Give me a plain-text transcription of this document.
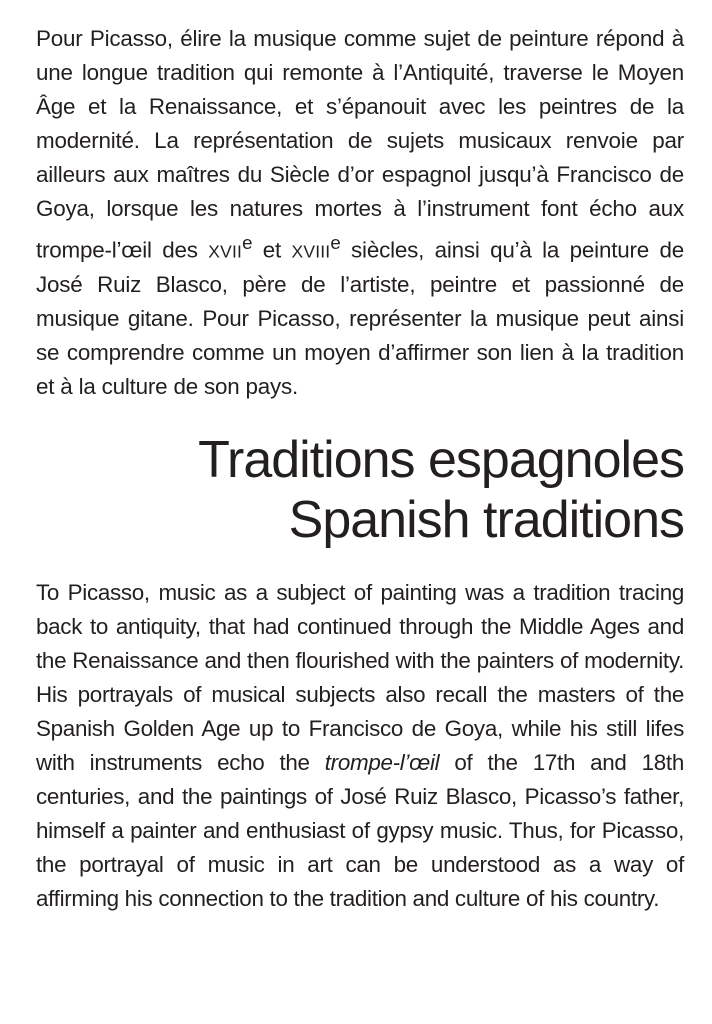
Pour Picasso, élire la musique comme sujet de peinture répond à une longue tradition qui remonte à l’Antiquité, traverse le Moyen Âge et la Renaissance, et s’épanouit avec les peintres de la modernité. La représentation de sujets musicaux renvoie par ailleurs aux maîtres du Siècle d’or espagnol jusqu’à Francisco de Goya, lorsque les natures mortes à l’instrument font écho aux trompe-l’œil des XVIIe et XVIIIe siècles, ainsi qu’à la peinture de José Ruiz Blasco, père de l’artiste, peintre et passionné de musique gitane. Pour Picasso, représenter la musique peut ainsi se comprendre comme un moyen d’affirmer son lien à la tradition et à la culture de son pays.

Traditions espagnoles
Spanish traditions

To Picasso, music as a subject of painting was a tradition tracing back to antiquity, that had continued through the Middle Ages and the Renaissance and then flourished with the painters of modernity. His portrayals of musical subjects also recall the masters of the Spanish Golden Age up to Francisco de Goya, while his still lifes with instruments echo the trompe-l’œil of the 17th and 18th centuries, and the paintings of José Ruiz Blasco, Picasso’s father, himself a painter and enthusiast of gypsy music. Thus, for Picasso, the portrayal of music in art can be understood as a way of affirming his connection to the tradition and culture of his country.
